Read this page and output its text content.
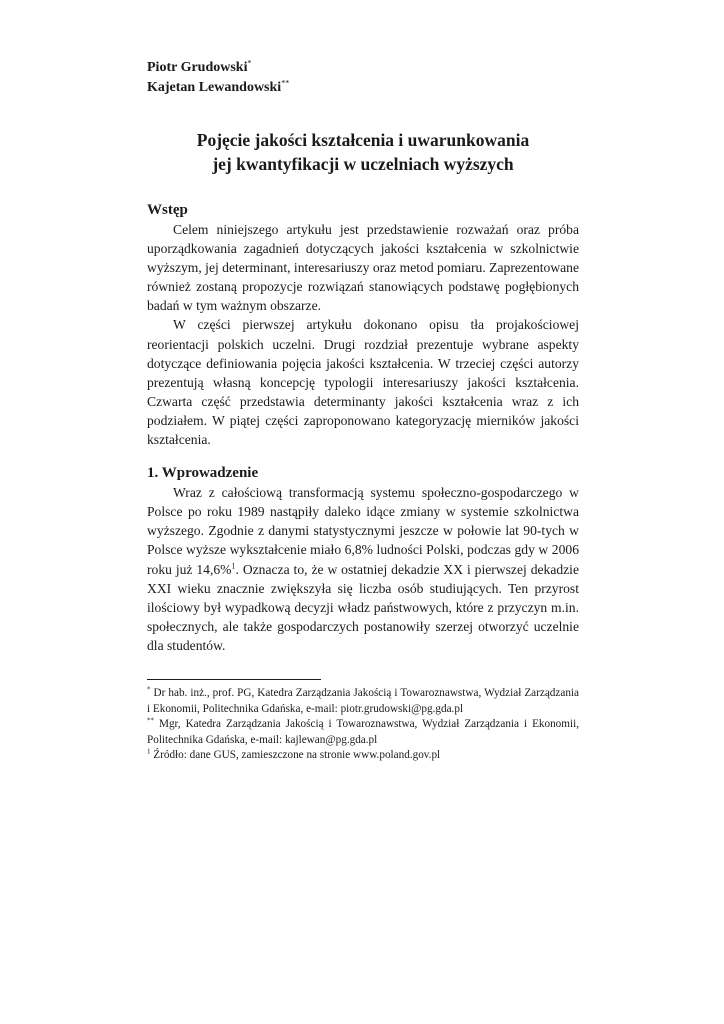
Piotr Grudowski*
Kajetan Lewandowski**
Pojęcie jakości kształcenia i uwarunkowania
jej kwantyfikacji w uczelniach wyższych
Wstęp

Celem niniejszego artykułu jest przedstawienie rozważań oraz próba uporządkowania zagadnień dotyczących jakości kształcenia w szkolnictwie wyższym, jej determinant, interesariuszy oraz metod pomiaru. Zaprezentowane również zostaną propozycje rozwiązań stanowiących podstawę pogłębionych badań w tym ważnym obszarze.

W części pierwszej artykułu dokonano opisu tła projakościowej reorientacji polskich uczelni. Drugi rozdział prezentuje wybrane aspekty dotyczące definiowania pojęcia jakości kształcenia. W trzeciej części autorzy prezentują własną koncepcję typologii interesariuszy jakości kształcenia. Czwarta część przedstawia determinanty jakości kształcenia wraz z ich podziałem. W piątej części zaproponowano kategoryzację mierników jakości kształcenia.

1. Wprowadzenie

Wraz z całościową transformacją systemu społeczno-gospodarczego w Polsce po roku 1989 nastąpiły daleko idące zmiany w systemie szkolnictwa wyższego. Zgodnie z danymi statystycznymi jeszcze w połowie lat 90-tych w Polsce wyższe wykształcenie miało 6,8% ludności Polski, podczas gdy w 2006 roku już 14,6%$^1$. Oznacza to, że w ostatniej dekadzie XX i pierwszej dekadzie XXI wieku znacznie zwiększyła się liczba osób studiujących. Ten przyrost ilościowy był wypadkową decyzji władz państwowych, które z przyczyn m.in. społecznych, ale także gospodarczych postanowiły szerzej otworzyć uczelnie dla studentów.

* Dr hab. inż., prof. PG, Katedra Zarządzania Jakością i Towaroznawstwa, Wydział Zarządzania i Ekonomii, Politechnika Gdańska, e-mail: piotr.grudowski@pg.gda.pl
** Mgr, Katedra Zarządzania Jakością i Towaroznawstwa, Wydział Zarządzania i Ekonomii, Politechnika Gdańska, e-mail: kajlewan@pg.gda.pl
$^1$ Źródło: dane GUS, zamieszczone na stronie www.poland.gov.pl
